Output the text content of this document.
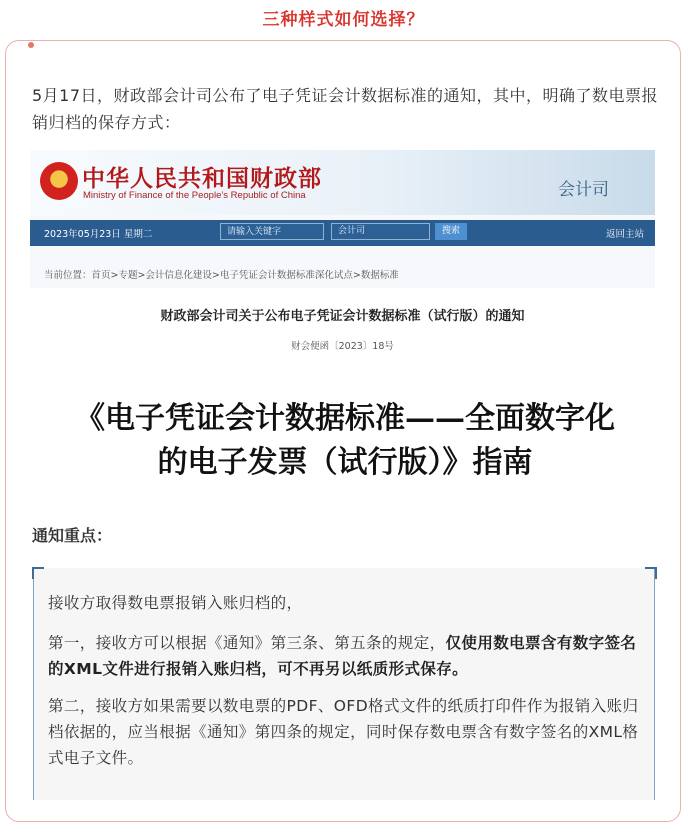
三种样式如何选择？
5月17日，财政部会计司公布了电子凭证会计数据标准的通知，其中，明确了数电票报销归档的保存方式：
中华人民共和国财政部
Ministry of Finance of the People’s Republic of China	会计司
2023年05月23日 星期二	请输入关键字	会计司	搜索	返回主站
当前位置：首页>专题>会计信息化建设>电子凭证会计数据标准深化试点>数据标准
财政部会计司关于公布电子凭证会计数据标准（试行版）的通知
财会便函〔2023〕18号
《电子凭证会计数据标准——全面数字化
的电子发票（试行版）》指南
通知重点：

接收方取得数电票报销入账归档的，

第一，接收方可以根据《通知》第三条、第五条的规定，仅使用数电票含有数字签名的XML文件进行报销入账归档，可不再另以纸质形式保存。

第二，接收方如果需要以数电票的PDF、OFD格式文件的纸质打印件作为报销入账归档依据的，应当根据《通知》第四条的规定，同时保存数电票含有数字签名的XML格式电子文件。
